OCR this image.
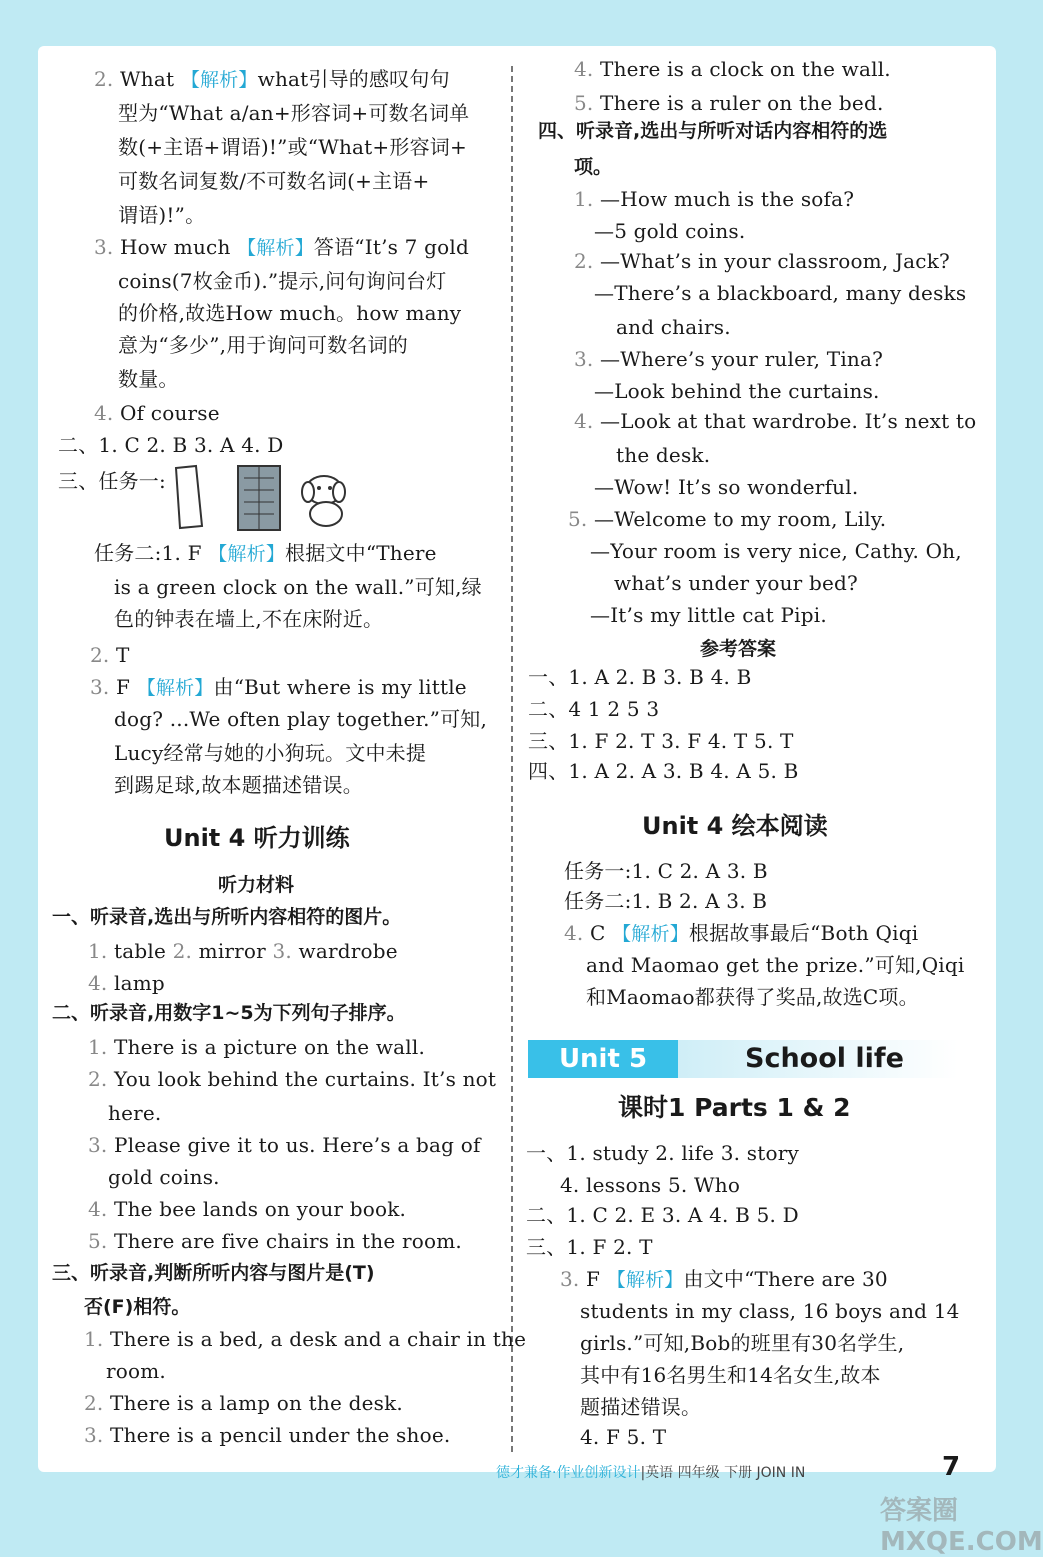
2. What 【解析】what引导的感叹句句
型为“What a/an+形容词+可数名词单
数(+主语+谓语)!”或“What+形容词+
可数名词复数/不可数名词(+主语+
谓语)!”。
3. How much 【解析】答语“It’s 7 gold
coins(7枚金币).”提示,问句询问台灯
的价格,故选How much。how many
意为“多少”,用于询问可数名词的
数量。
4. Of course
二、1. C 2. B 3. A 4. D
三、任务一:
任务二:1. F 【解析】根据文中“There
is a green clock on the wall.”可知,绿
色的钟表在墙上,不在床附近。
2. T
3. F 【解析】由“But where is my little
dog? ...We often play together.”可知,
Lucy经常与她的小狗玩。文中未提
到踢足球,故本题描述错误。
Unit 4 听力训练
听力材料
一、听录音,选出与所听内容相符的图片。
1. table 2. mirror 3. wardrobe
4. lamp
二、听录音,用数字1~5为下列句子排序。
1. There is a picture on the wall.
2. You look behind the curtains. It’s not
here.
3. Please give it to us. Here’s a bag of
gold coins.
4. The bee lands on your book.
5. There are five chairs in the room.
三、听录音,判断所听内容与图片是(T)
否(F)相符。
1. There is a bed, a desk and a chair in the
room.
2. There is a lamp on the desk.
3. There is a pencil under the shoe.
4. There is a clock on the wall.
5. There is a ruler on the bed.
四、听录音,选出与所听对话内容相符的选
项。
1. —How much is the sofa?
—5 gold coins.
2. —What’s in your classroom, Jack?
—There’s a blackboard, many desks
and chairs.
3. —Where’s your ruler, Tina?
—Look behind the curtains.
4. —Look at that wardrobe. It’s next to
the desk.
—Wow! It’s so wonderful.
5. —Welcome to my room, Lily.
—Your room is very nice, Cathy. Oh,
what’s under your bed?
—It’s my little cat Pipi.
参考答案
一、1. A 2. B 3. B 4. B
二、4 1 2 5 3
三、1. F 2. T 3. F 4. T 5. T
四、1. A 2. A 3. B 4. A 5. B
Unit 4 绘本阅读
任务一:1. C 2. A 3. B
任务二:1. B 2. A 3. B
4. C 【解析】根据故事最后“Both Qiqi
and Maomao get the prize.”可知,Qiqi
和Maomao都获得了奖品,故选C项。
课时1 Parts 1 & 2
一、1. study 2. life 3. story
4. lessons 5. Who
二、1. C 2. E 3. A 4. B 5. D
三、1. F 2. T
3. F 【解析】由文中“There are 30
students in my class, 16 boys and 14
girls.”可知,Bob的班里有30名学生,
其中有16名男生和14名女生,故本
题描述错误。
4. F 5. T
Unit 5	School life
德才兼备·作业创新设计|英语 四年级 下册 JOIN IN	7
答案圈 MXQE.COM
